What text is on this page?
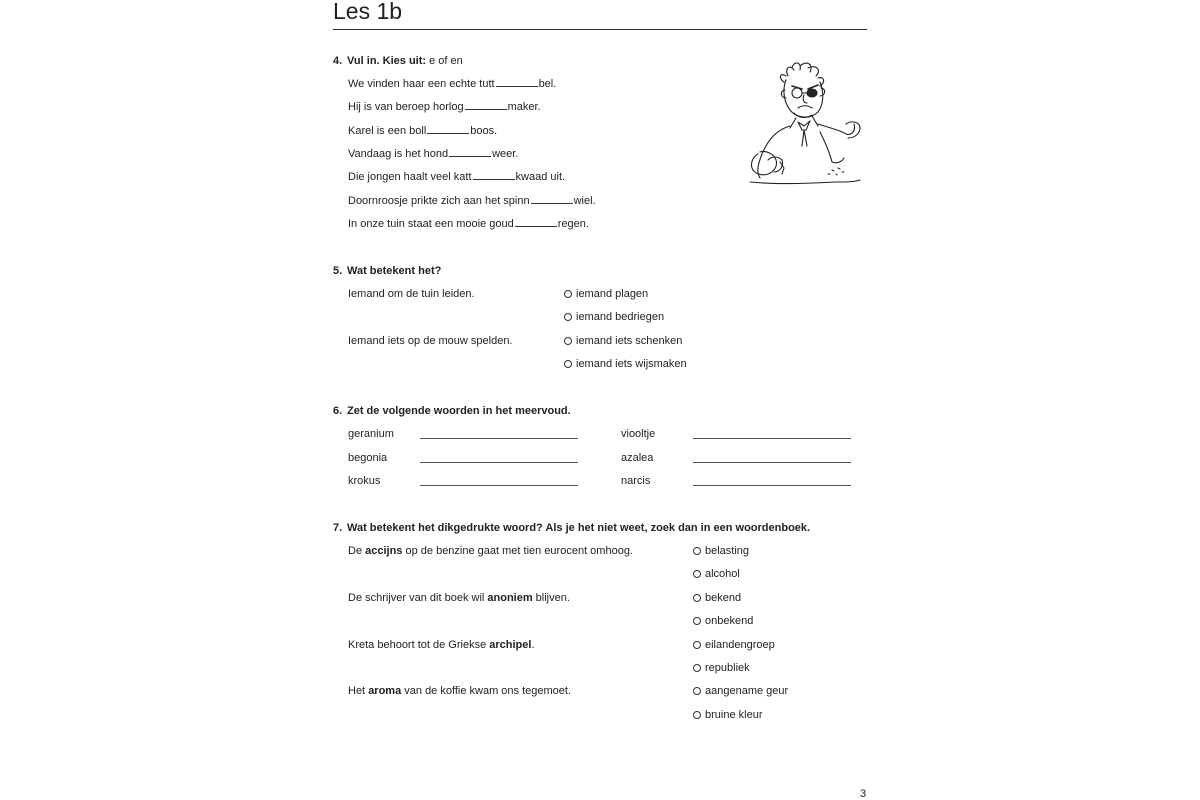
Les 1b
4. Vul in. Kies uit: e of en
We vinden haar een echte tutt	bel.
Hij is van beroep horlog	maker.
Karel is een boll	boos.
Vandaag is het hond	weer.
Die jongen haalt veel katt	kwaad uit.
Doornroosje prikte zich aan het spinn	wiel.
In onze tuin staat een mooie goud	regen.
5. Wat betekent het?
Iemand om de tuin leiden.	iemand plagen
iemand bedriegen
Iemand iets op de mouw spelden.	iemand iets schenken
iemand iets wijsmaken
6. Zet de volgende woorden in het meervoud.
geranium	viooltje
begonia	azalea
krokus	narcis
7. Wat betekent het dikgedrukte woord? Als je het niet weet, zoek dan in een woordenboek.
De accijns op de benzine gaat met tien eurocent omhoog.	belasting
alcohol
De schrijver van dit boek wil anoniem blijven.	bekend
onbekend
Kreta behoort tot de Griekse archipel.	eilandengroep
republiek
Het aroma van de koffie kwam ons tegemoet.	aangename geur
bruine kleur
3
